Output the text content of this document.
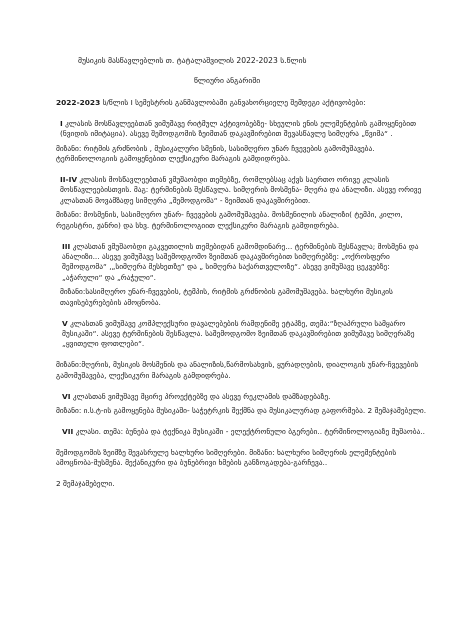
მუსიკის მასწავლებლის თ. ტატალაშვილის 2022-2023 ს.წლის
წლიური ანგარიში

2022-2023 ს/წლის I სემესტრის განმავლობაში განვახორციელე შემდეგი აქტივობები:

I კლასის მოსწავლეებთან ვიმუშავე რიტმულ აქტივობებზე- სხეულის ენის ელემენტების გამოყენებით (ნვიდის იმიტაცია). ასევე შემოდგომის ზეიმთან დაკავშირებით შევასწავლე სიმღერა „წვიმა“ .

მიზანი: რიტმის გრძნობის , მუსიკალური სმენის, სასიმღერო უნარ ჩვევების გამომუშავება. ტერმინოლოგიის გამოყენებით ლექსიკური მარაგის გამდიდრება.

II-IV კლასის მოსწავლეებთან ვმუშაობდი თემებზე, რომლებსაც აქვს საერთო ორივე კლასის მოსწავლეებისთვის. მაგ: ტერმინების შესწავლა. სიმღერის მოსმენა- მღერა და ანალიზი. ასევე ორივე კლასთან მოვამზადე სიმღერა „შემოდგომა“ - ზეიმთან დაკავშირებით.

მიზანი: მოსმენის, სასიმღერო უნარ- ჩვევების გამომუშავება. მოსმენილის ანალიზი( ტემპი, კილო, რეგისტრი, ჟანრი) და სხვ. ტერმინოლოგიით ლექსიკური მარაგის გამდიდრება.

III კლასთან ვმუშაობდი გაკვეთილის თემებიდან გამომდინარე... ტერმინების შესწავლა; მოსმენა და ანალიზი... ასევე ვიმუშავე საშემოდგომო ზეიმთან დაკავშირებით სიმღერებზე: „ოქროსფერი შემოდგომა“ ,„სიმღერა მესხეთზე“ და „ სიმღერა საქართველოზე“. ასევე ვიმუშავე ცეკვებზე: „აჭარული“ და „რაჭული“.

მიზანი:სასიმღერო უნარ-ჩვევების, ტემპის, რიტმის გრძნობის გამომუშავება. ხალხური მუსიკის თავისებურებების ამოცნობა.

V კლასთან ვიმუშავე კომპლექსური დავალებების რამდენიმე ეტაპზე, თემა:“ზღაპრული სამყარო მუსიკაში“. ასევე ტერმინების შესწავლა. საშემოდგომო ზეიმთან დაკავშირებით ვიმუშავე სიმღერაზე „ყვითელი ფოთლები“.

მიზანი:მღერის, მუსიკის მოსმენის და ანალიზის,წარმოსახვის, ყურადღების, დიალოგის უნარ-ჩვევების გამომუშავება, ლექსიკური მარაგის გამდიდრება.

VI კლასთან ვიმუშავე მცირე პროექტებზე და ასევე რეკლამის დამზადებაზე.

მიზანი: ი.ს.ტ-ის გამოყენება მუსიკაში- საჭეტრკის შექმნა და მუსიკალურად გაფორმება. 2 შემაჯამებელი.

VII კლასი. თემა: ბუნება და ტექნიკა მუსიკაში - ელექტრონული ბგერები.. ტერმინოლოგიაზე მუშაობა..

შემოდგომის ზეიმზე შევასრულე ხალხური სიმღერები. მიზანი: ხალხური სიმღერის ელემენტების ამოცნობა-მუსმენა. მექანიკური და ბუნებრივი ხმების განზოგადება-გარჩევა..

2 შემაჯამებელი.
